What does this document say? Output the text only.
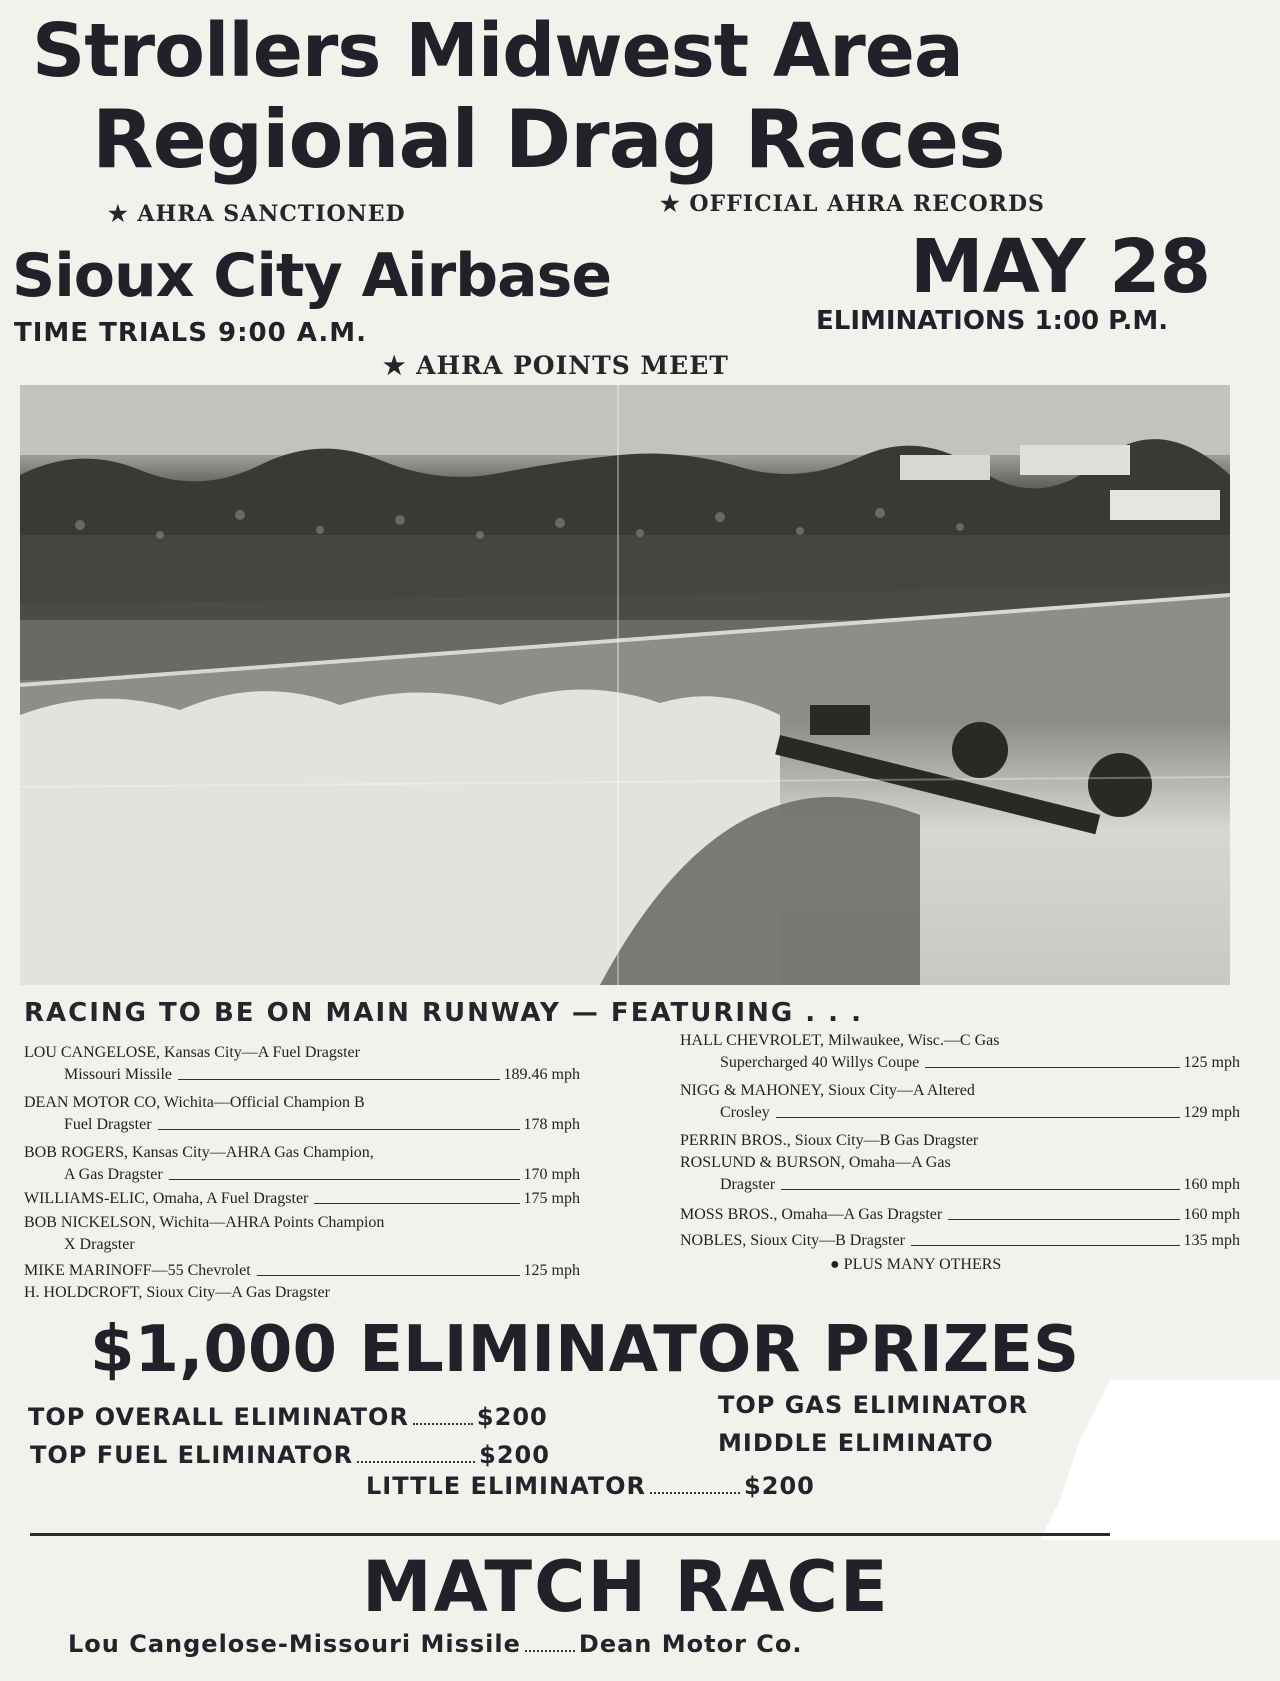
Strollers Midwest Area
Regional Drag Races
★ AHRA SANCTIONED	★ OFFICIAL AHRA RECORDS
Sioux City Airbase	MAY 28
TIME TRIALS 9:00 A.M.	ELIMINATIONS 1:00 P.M.
★ AHRA POINTS MEET
RACING TO BE ON MAIN RUNWAY — FEATURING . . .
LOU CANGELOSE, Kansas City—A Fuel Dragster
Missouri Missile	189.46 mph
DEAN MOTOR CO, Wichita—Official Champion B
Fuel Dragster	178 mph
BOB ROGERS, Kansas City—AHRA Gas Champion,
A Gas Dragster	170 mph
WILLIAMS-ELIC, Omaha, A Fuel Dragster	175 mph
BOB NICKELSON, Wichita—AHRA Points Champion
X Dragster
MIKE MARINOFF—55 Chevrolet	125 mph
H. HOLDCROFT, Sioux City—A Gas Dragster
HALL CHEVROLET, Milwaukee, Wisc.—C Gas
Supercharged 40 Willys Coupe	125 mph
NIGG & MAHONEY, Sioux City—A Altered
Crosley	129 mph
PERRIN BROS., Sioux City—B Gas Dragster
ROSLUND & BURSON, Omaha—A Gas
Dragster	160 mph
MOSS BROS., Omaha—A Gas Dragster	160 mph
NOBLES, Sioux City—B Dragster	135 mph
● PLUS MANY OTHERS
$1,000 ELIMINATOR PRIZES
TOP OVERALL ELIMINATOR	$200
TOP FUEL ELIMINATOR	$200
TOP GAS ELIMINATOR
MIDDLE ELIMINATO
LITTLE ELIMINATOR	$200
MATCH RACE
Lou Cangelose-Missouri Missile Dean Motor Co.
